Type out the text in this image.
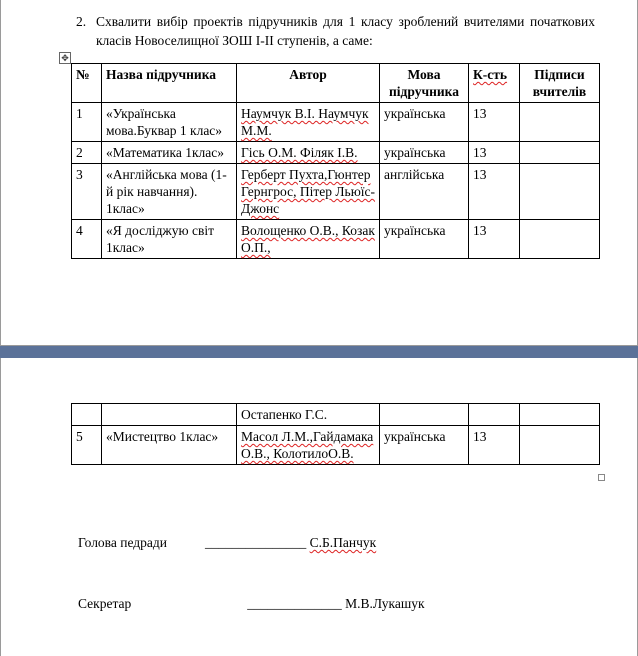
2. Схвалити вибір проектів підручників для 1 класу зроблений вчителями початкових класів Новоселищної ЗОШ І-ІІ ступенів, а саме:
✥
№	Назва підручника	Автор	Мова підручника	К-сть	Підписи вчителів
1	«Українська мова.Буквар 1 клас»	Наумчук В.І. Наумчук М.М.	українська	13	
2	«Математика 1клас»	Гісь О.М. Філяк І.В.	українська	13	
3	«Англійська мова (1-й рік навчання). 1клас»	Герберт Пухта,Гюнтер Гернгрос, Пітер Льюїс-Джонс	англійська	13	
4	«Я досліджую світ 1клас»	Волощенко О.В., Козак О.П.,	українська	13	
		Остапенко Г.С.			
5	«Мистецтво 1клас»	Масол Л.М.,Гайдамака О.В., КолотилоО.В.	українська	13	
Голова педради	_______________ С.Б.Панчук
Секретар	______________ М.В.Лукашук
